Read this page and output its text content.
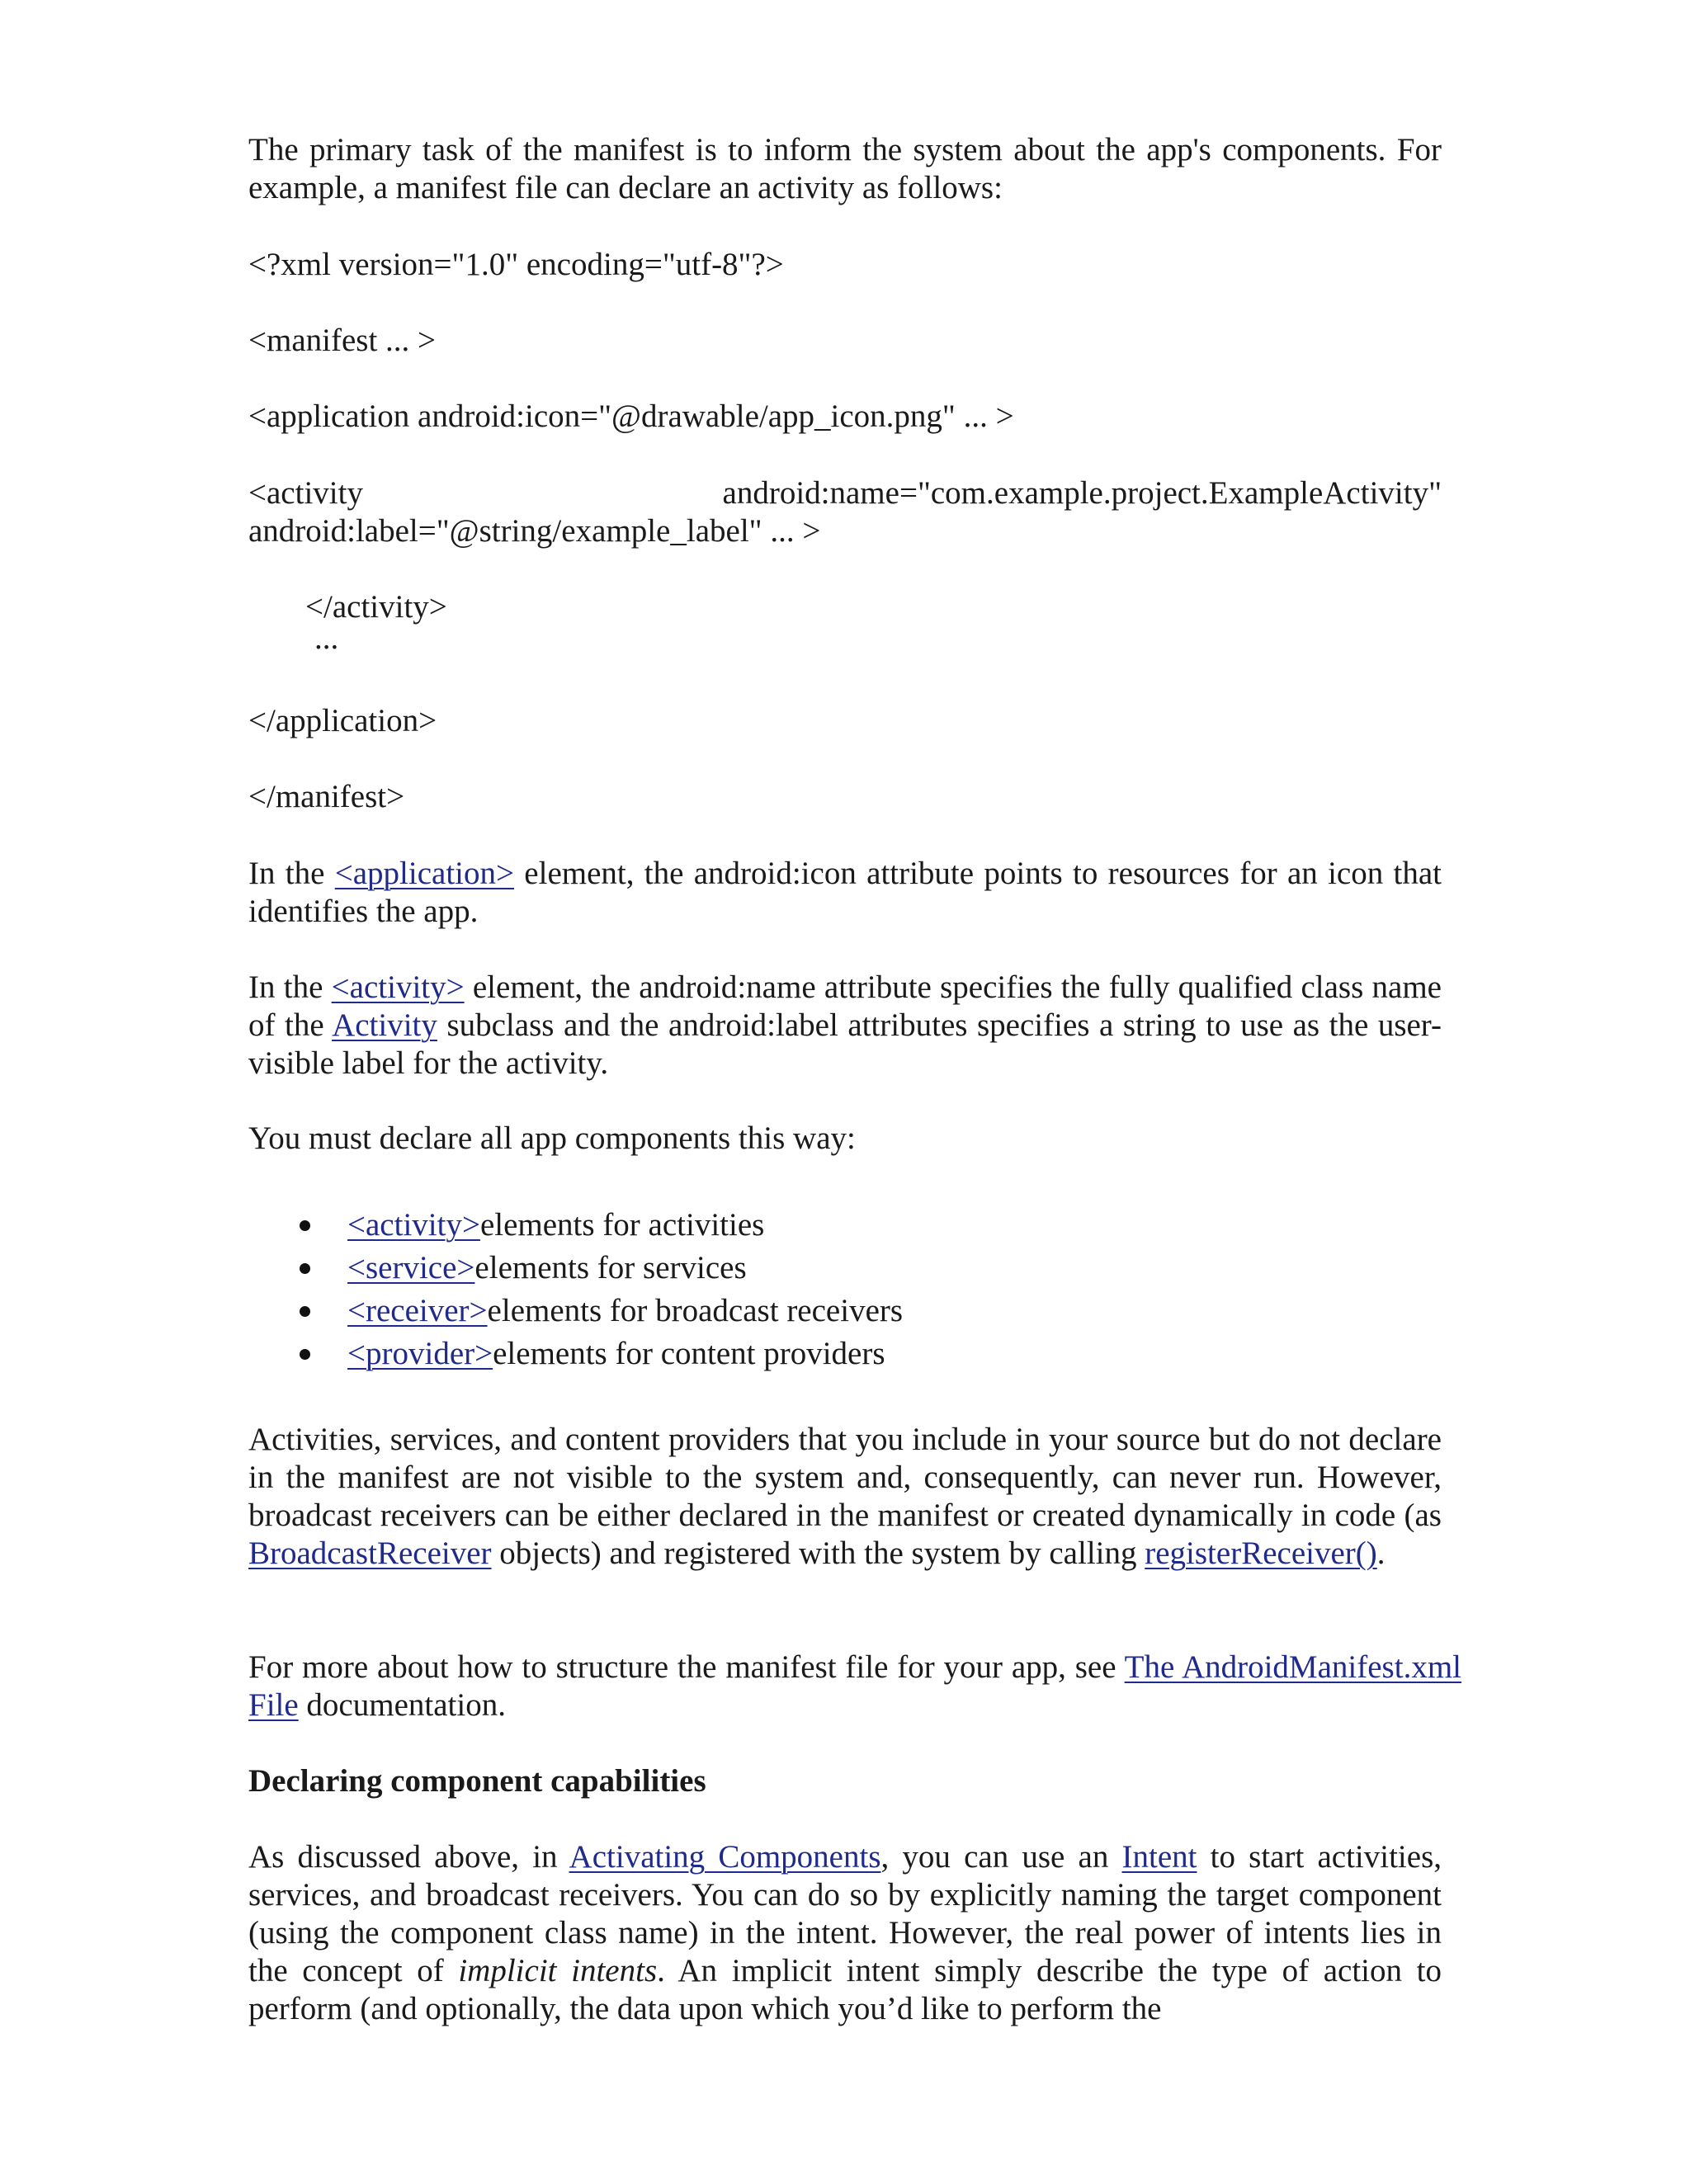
The primary task of the manifest is to inform the system about the app's components. For example, a manifest file can declare an activity as follows:

<?xml version="1.0" encoding="utf-8"?>

<manifest ... >

<application android:icon="@drawable/app_icon.png" ... >

<activity	android:name="com.example.project.ExampleActivity"
android:label="@string/example_label" ... >

</activity>

...

</application>

</manifest>

In the <application> element, the android:icon attribute points to resources for an icon that identifies the app.

In the <activity> element, the android:name attribute specifies the fully qualified class name of the Activity subclass and the android:label attributes specifies a string to use as the user-visible label for the activity.

You must declare all app components this way:

<activity>elements for activities
<service>elements for services
<receiver>elements for broadcast receivers
<provider>elements for content providers

Activities, services, and content providers that you include in your source but do not declare in the manifest are not visible to the system and, consequently, can never run. However, broadcast receivers can be either declared in the manifest or created dynamically in code (as BroadcastReceiver objects) and registered with the system by calling registerReceiver().

For more about how to structure the manifest file for your app, see The AndroidManifest.xml File documentation.

Declaring component capabilities

As discussed above, in Activating Components, you can use an Intent to start activities, services, and broadcast receivers. You can do so by explicitly naming the target component (using the component class name) in the intent. However, the real power of intents lies in the concept of implicit intents. An implicit intent simply describe the type of action to perform (and optionally, the data upon which you’d like to perform the
